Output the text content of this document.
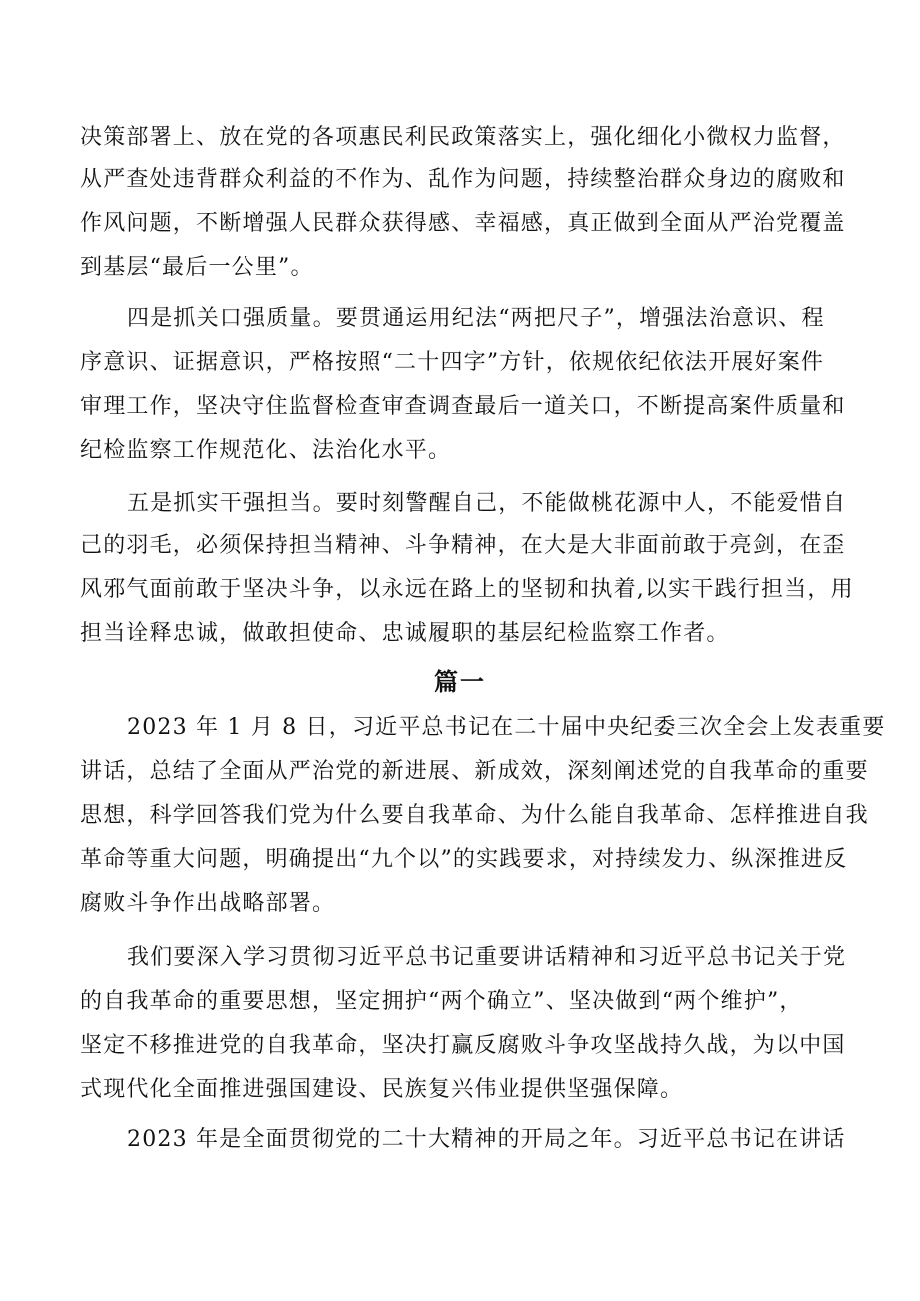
决策部署上、放在党的各项惠民利民政策落实上，强化细化小微权力监督，
从严查处违背群众利益的不作为、乱作为问题，持续整治群众身边的腐败和
作风问题，不断增强人民群众获得感、幸福感，真正做到全面从严治党覆盖
到基层“最后一公里”。
四是抓关口强质量。要贯通运用纪法“两把尺子”，增强法治意识、程
序意识、证据意识，严格按照“二十四字”方针，依规依纪依法开展好案件
审理工作，坚决守住监督检查审查调查最后一道关口，不断提高案件质量和
纪检监察工作规范化、法治化水平。
五是抓实干强担当。要时刻警醒自己，不能做桃花源中人，不能爱惜自
己的羽毛，必须保持担当精神、斗争精神，在大是大非面前敢于亮剑，在歪
风邪气面前敢于坚决斗争，以永远在路上的坚韧和执着,以实干践行担当，用
担当诠释忠诚，做敢担使命、忠诚履职的基层纪检监察工作者。
篇一
2023 年 1 月 8 日，习近平总书记在二十届中央纪委三次全会上发表重要
讲话，总结了全面从严治党的新进展、新成效，深刻阐述党的自我革命的重要
思想，科学回答我们党为什么要自我革命、为什么能自我革命、怎样推进自我
革命等重大问题，明确提出“九个以”的实践要求，对持续发力、纵深推进反
腐败斗争作出战略部署。
我们要深入学习贯彻习近平总书记重要讲话精神和习近平总书记关于党
的自我革命的重要思想，坚定拥护“两个确立”、坚决做到“两个维护”，
坚定不移推进党的自我革命，坚决打赢反腐败斗争攻坚战持久战，为以中国
式现代化全面推进强国建设、民族复兴伟业提供坚强保障。
2023 年是全面贯彻党的二十大精神的开局之年。习近平总书记在讲话
